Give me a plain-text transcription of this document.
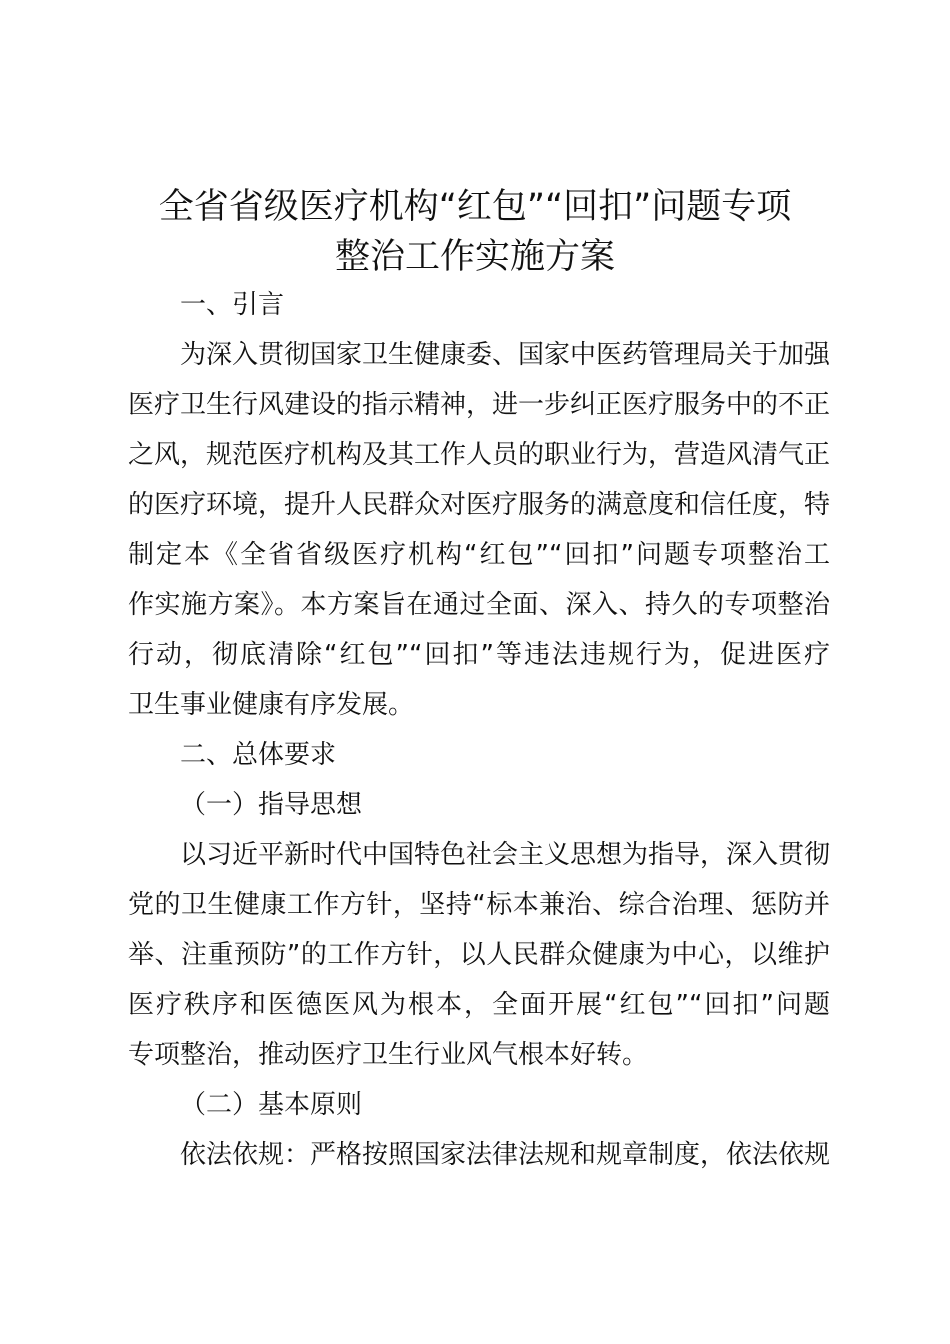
全省省级医疗机构“红包”“回扣”问题专项
整治工作实施方案
一、引言
为深入贯彻国家卫生健康委、国家中医药管理局关于加强
医疗卫生行风建设的指示精神，进一步纠正医疗服务中的不正
之风，规范医疗机构及其工作人员的职业行为，营造风清气正
的医疗环境，提升人民群众对医疗服务的满意度和信任度，特
制定本《全省省级医疗机构“红包”“回扣”问题专项整治工
作实施方案》。本方案旨在通过全面、深入、持久的专项整治
行动，彻底清除“红包”“回扣”等违法违规行为，促进医疗
卫生事业健康有序发展。
二、总体要求
（一）指导思想
以习近平新时代中国特色社会主义思想为指导，深入贯彻
党的卫生健康工作方针，坚持“标本兼治、综合治理、惩防并
举、注重预防”的工作方针，以人民群众健康为中心，以维护
医疗秩序和医德医风为根本，全面开展“红包”“回扣”问题
专项整治，推动医疗卫生行业风气根本好转。
（二）基本原则
依法依规：严格按照国家法律法规和规章制度，依法依规
